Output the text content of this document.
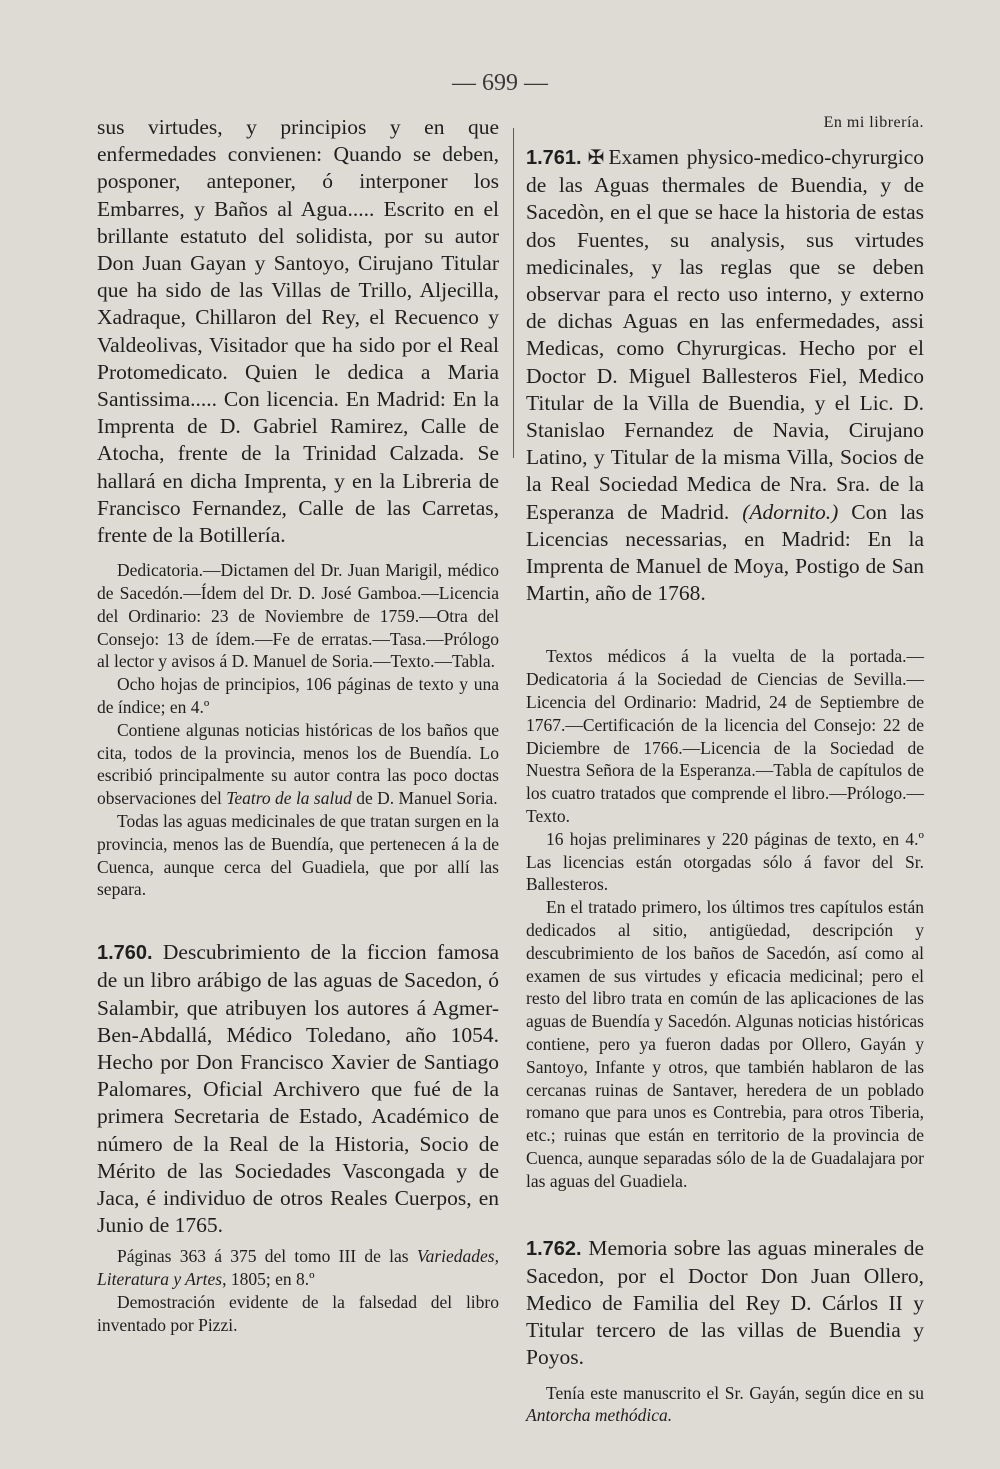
— 699 —

sus virtudes, y principios y en que enfermedades convienen: Quando se deben, posponer, anteponer, ó interponer los Embarres, y Baños al Agua..... Escrito en el brillante estatuto del solidista, por su autor Don Juan Gayan y Santoyo, Cirujano Titular que ha sido de las Villas de Trillo, Aljecilla, Xadraque, Chillaron del Rey, el Recuenco y Valdeolivas, Visitador que ha sido por el Real Protomedicato. Quien le dedica a Maria Santissima..... Con licencia. En Madrid: En la Imprenta de D. Gabriel Ramirez, Calle de Atocha, frente de la Trinidad Calzada. Se hallará en dicha Imprenta, y en la Libreria de Francisco Fernandez, Calle de las Carretas, frente de la Botillería.

Dedicatoria.—Dictamen del Dr. Juan Marigil, médico de Sacedón.—Ídem del Dr. D. José Gamboa.—Licencia del Ordinario: 23 de Noviembre de 1759.—Otra del Consejo: 13 de ídem.—Fe de erratas.—Tasa.—Prólogo al lector y avisos á D. Manuel de Soria.—Texto.—Tabla.

Ocho hojas de principios, 106 páginas de texto y una de índice; en 4.º

Contiene algunas noticias históricas de los baños que cita, todos de la provincia, menos los de Buendía. Lo escribió principalmente su autor contra las poco doctas observaciones del Teatro de la salud de D. Manuel Soria.

Todas las aguas medicinales de que tratan surgen en la provincia, menos las de Buendía, que pertenecen á la de Cuenca, aunque cerca del Guadiela, que por allí las separa.

1.760. Descubrimiento de la ficcion famosa de un libro arábigo de las aguas de Sacedon, ó Salambir, que atribuyen los autores á Agmer-Ben-Abdallá, Médico Toledano, año 1054. Hecho por Don Francisco Xavier de Santiago Palomares, Oficial Archivero que fué de la primera Secretaria de Estado, Académico de número de la Real de la Historia, Socio de Mérito de las Sociedades Vascongada y de Jaca, é individuo de otros Reales Cuerpos, en Junio de 1765.

Páginas 363 á 375 del tomo III de las Variedades, Literatura y Artes, 1805; en 8.º

Demostración evidente de la falsedad del libro inventado por Pizzi.

En mi librería.

1.761. ✠ Examen physico-medico-chyrurgico de las Aguas thermales de Buendia, y de Sacedòn, en el que se hace la historia de estas dos Fuentes, su analysis, sus virtudes medicinales, y las reglas que se deben observar para el recto uso interno, y externo de dichas Aguas en las enfermedades, assi Medicas, como Chyrurgicas. Hecho por el Doctor D. Miguel Ballesteros Fiel, Medico Titular de la Villa de Buendia, y el Lic. D. Stanislao Fernandez de Navia, Cirujano Latino, y Titular de la misma Villa, Socios de la Real Sociedad Medica de Nra. Sra. de la Esperanza de Madrid. (Adornito.) Con las Licencias necessarias, en Madrid: En la Imprenta de Manuel de Moya, Postigo de San Martin, año de 1768.

Textos médicos á la vuelta de la portada.—Dedicatoria á la Sociedad de Ciencias de Sevilla.—Licencia del Ordinario: Madrid, 24 de Septiembre de 1767.—Certificación de la licencia del Consejo: 22 de Diciembre de 1766.—Licencia de la Sociedad de Nuestra Señora de la Esperanza.—Tabla de capítulos de los cuatro tratados que comprende el libro.—Prólogo.—Texto.

16 hojas preliminares y 220 páginas de texto, en 4.º Las licencias están otorgadas sólo á favor del Sr. Ballesteros.

En el tratado primero, los últimos tres capítulos están dedicados al sitio, antigüedad, descripción y descubrimiento de los baños de Sacedón, así como al examen de sus virtudes y eficacia medicinal; pero el resto del libro trata en común de las aplicaciones de las aguas de Buendía y Sacedón. Algunas noticias históricas contiene, pero ya fueron dadas por Ollero, Gayán y Santoyo, Infante y otros, que también hablaron de las cercanas ruinas de Santaver, heredera de un poblado romano que para unos es Contrebia, para otros Tiberia, etc.; ruinas que están en territorio de la provincia de Cuenca, aunque separadas sólo de la de Guadalajara por las aguas del Guadiela.

1.762. Memoria sobre las aguas minerales de Sacedon, por el Doctor Don Juan Ollero, Medico de Familia del Rey D. Cárlos II y Titular tercero de las villas de Buendia y Poyos.

Tenía este manuscrito el Sr. Gayán, según dice en su Antorcha methódica.
